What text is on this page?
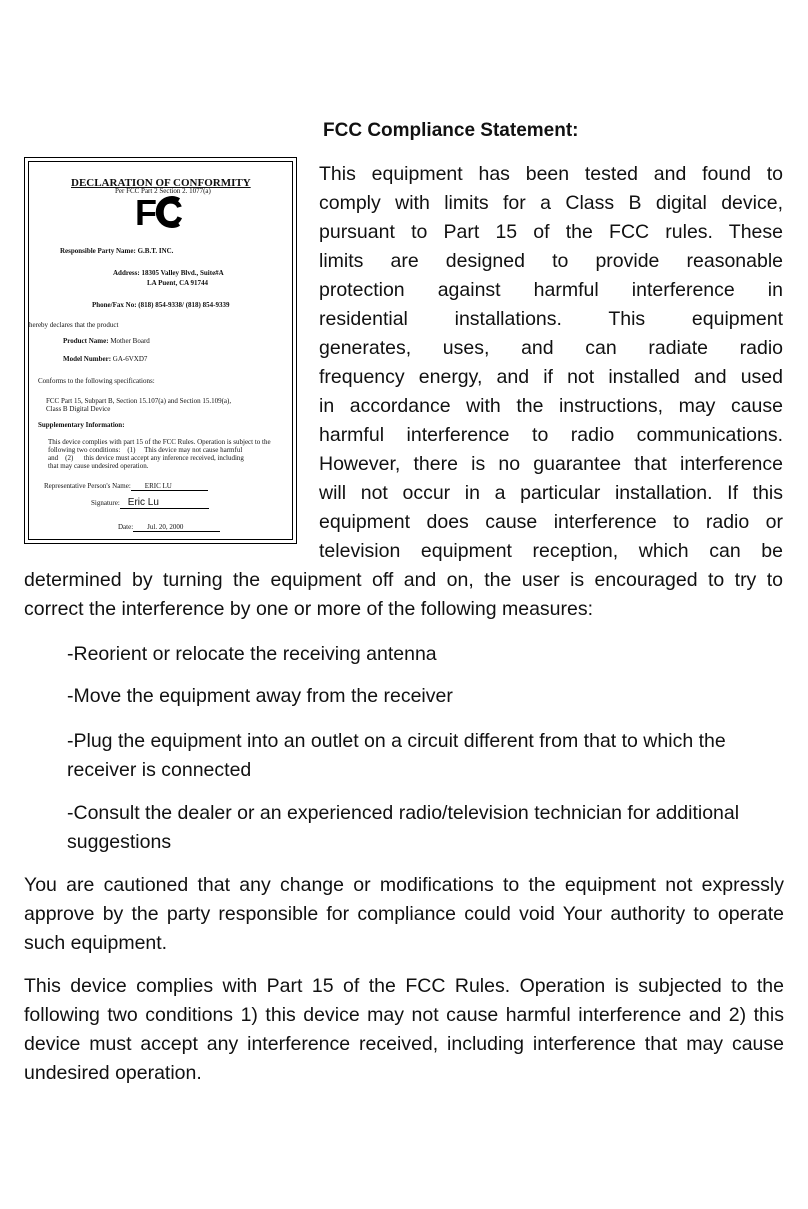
FCC Compliance Statement:
DECLARATION OF CONFORMITY
Per FCC Part 2 Section 2. 1077(a)
FC
Responsible Party Name: G.B.T. INC.
Address: 18305 Valley Blvd., Suite#A
LA Puent, CA 91744
Phone/Fax No: (818) 854-9338/ (818) 854-9339
hereby declares that the product
Product Name: Mother Board
Model Number: GA-6VXD7
Conforms to the following specifications:
FCC Part 15, Subpart B, Section 15.107(a) and Section 15.109(a),
Class B Digital Device
Supplementary Information:
This device complies with part 15 of the FCC Rules. Operation is subject to the
following two conditions:    (1)     This device may not cause harmful
and    (2)      this device must accept any inference received, including
that may cause undesired operation.
Representative Person's Name: ERIC LU
Signature: Eric Lu
Date: Jul. 20, 2000
This equipment has been tested and found to
comply with limits for a Class B digital device,
pursuant to Part 15 of the FCC rules. These
limits are designed to provide reasonable
protection against harmful interference in
residential installations. This equipment
generates, uses, and can radiate radio
frequency energy, and if not installed and used
in accordance with the instructions, may cause
harmful interference to radio communications.
However, there is no guarantee that interference
will not occur in a particular installation. If this
equipment does cause interference to radio or
television equipment reception, which can be
determined by turning the equipment off and on, the user is encouraged to try to
correct the interference by one or more of the following measures:
-Reorient or relocate the receiving antenna
-Move the equipment away from the receiver
-Plug the equipment into an outlet on a circuit different from that to which the receiver is connected
-Consult the dealer or an experienced radio/television technician for additional suggestions
You are cautioned that any change or modifications to the equipment not expressly approve by the party responsible for compliance could void Your authority to operate such equipment.
This device complies with Part 15 of the FCC Rules. Operation is subjected to the following two conditions 1) this device may not cause harmful interference and 2) this device must accept any interference received, including interference that may cause undesired operation.
